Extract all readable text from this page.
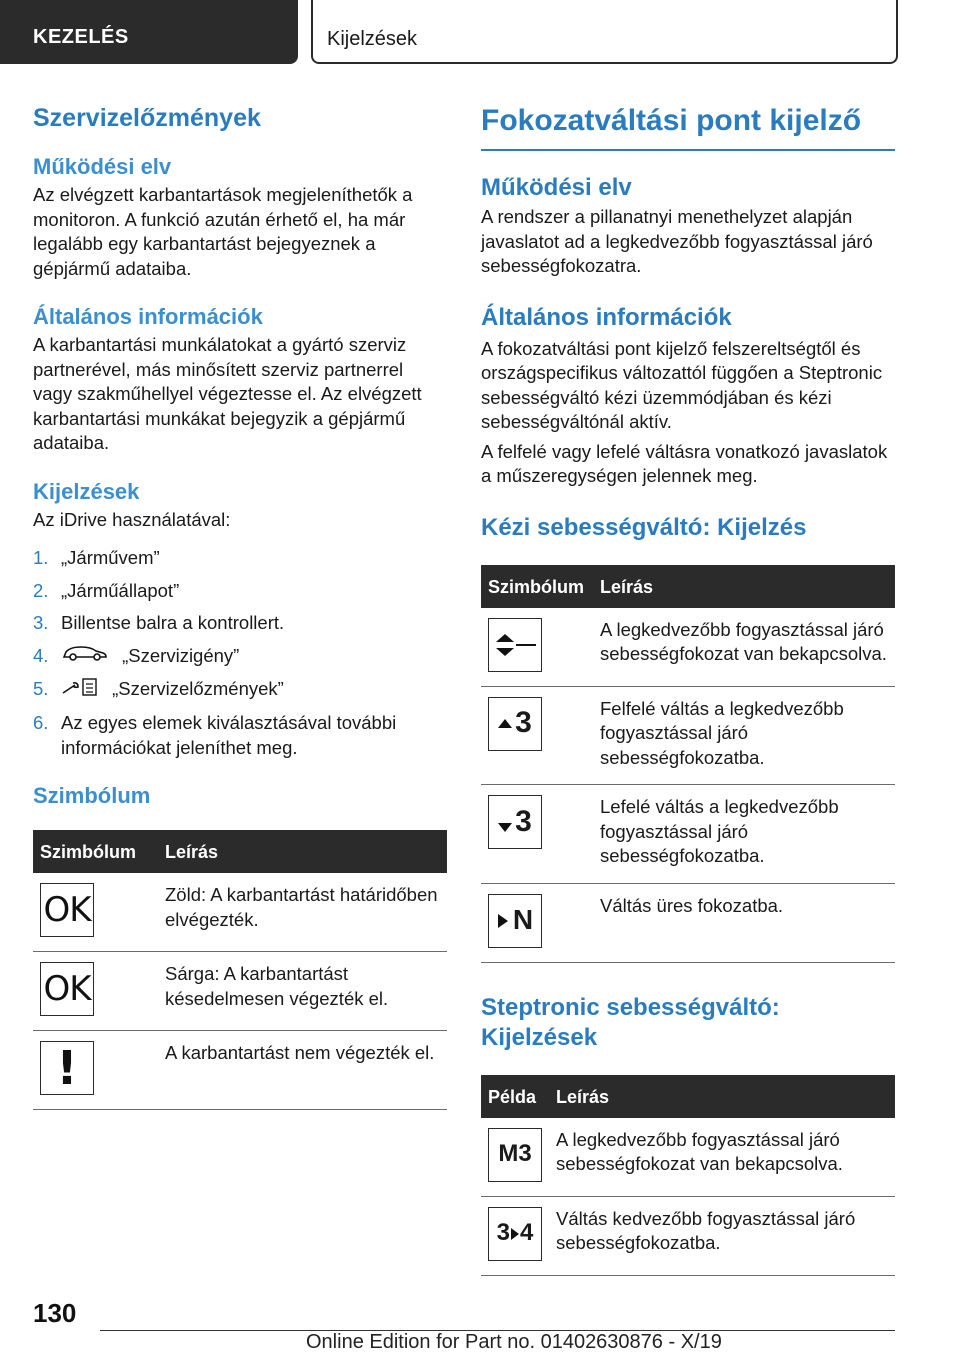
KEZELÉS	Kijelzések
Szervizelőzmények
Működési elv

Az elvégzett karbantartások megjeleníthetők a monitoron. A funkció azután érhető el, ha már legalább egy karbantartást bejegyeznek a gépjármű adataiba.

Általános információk

A karbantartási munkálatokat a gyártó szerviz partnerével, más minősített szerviz partnerrel vagy szakműhellyel végeztesse el. Az elvégzett karbantartási munkákat bejegyzik a gépjármű adataiba.

Kijelzések

Az iDrive használatával:

1. „Járművem”
2. „Járműállapot”
3. Billentse balra a kontrollert.
4.	„Szervizigény”
5.	„Szervizelőzmények”
6. Az egyes elemek kiválasztásával további információkat jeleníthet meg.
Szimbólum
Szimbólum	Leírás

OK	Zöld: A karbantartást határidőben elvégezték.

OK	Sárga: A karbantartást késedelmesen végezték el.

!	A karbantartást nem végezték el.
Fokozatváltási pont kijelző
Működési elv

A rendszer a pillanatnyi menethelyzet alapján javaslatot ad a legkedvezőbb fogyasztással járó sebességfokozatra.

Általános információk

A fokozatváltási pont kijelző felszereltségtől és országspecifikus változattól függően a Steptronic sebességváltó kézi üzemmódjában és kézi sebességváltónál aktív.

A felfelé vagy lefelé váltásra vonatkozó javaslatok a műszeregységen jelennek meg.

Kézi sebességváltó: Kijelzés
Szimbólum	Leírás

	A legkedvezőbb fogyasztással járó sebességfokozat van bekapcsolva.

3	Felfelé váltás a legkedvezőbb fogyasztással járó sebességfokozatba.

3	Lefelé váltás a legkedvezőbb fogyasztással járó sebességfokozatba.

N	Váltás üres fokozatba.
Steptronic sebességváltó: Kijelzések
Példa	Leírás

M3	A legkedvezőbb fogyasztással járó sebességfokozat van bekapcsolva.

3 4	Váltás kedvezőbb fogyasztással járó sebességfokozatba.
130
Online Edition for Part no. 01402630876 - X/19
